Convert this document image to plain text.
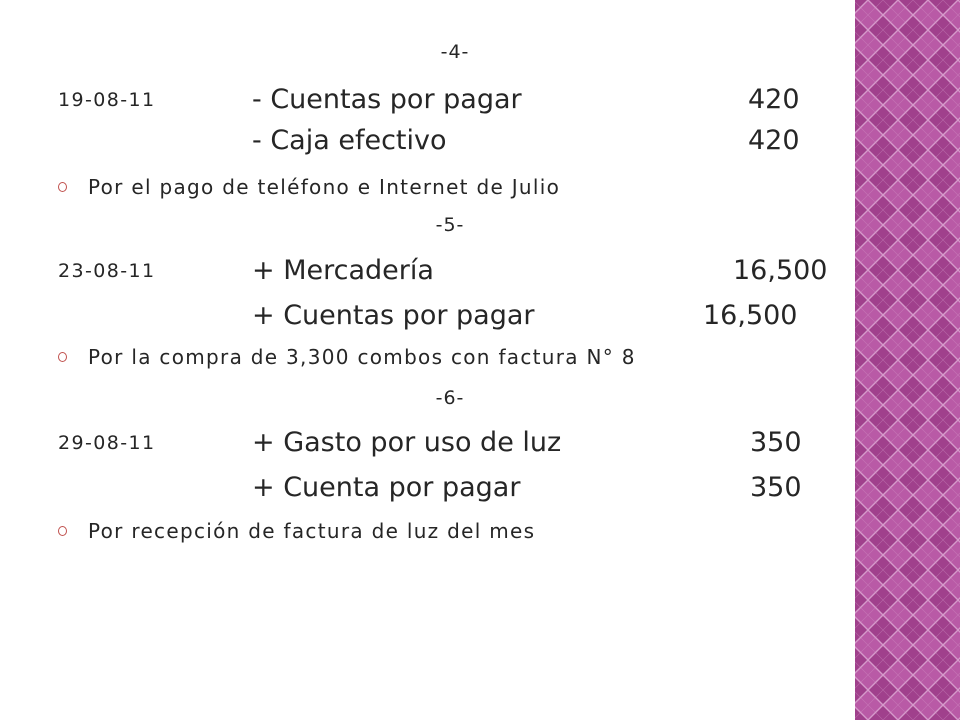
-4-
19-08-11	- Cuentas por pagar	420
- Caja efectivo	420
Por el pago de teléfono e Internet de Julio
-5-
23-08-11	+ Mercadería	16,500
+ Cuentas por pagar	16,500
Por la compra de 3,300 combos con factura N° 8
-6-
29-08-11	+ Gasto por uso de luz	350
+ Cuenta por pagar	350
Por recepción de factura de luz del mes
